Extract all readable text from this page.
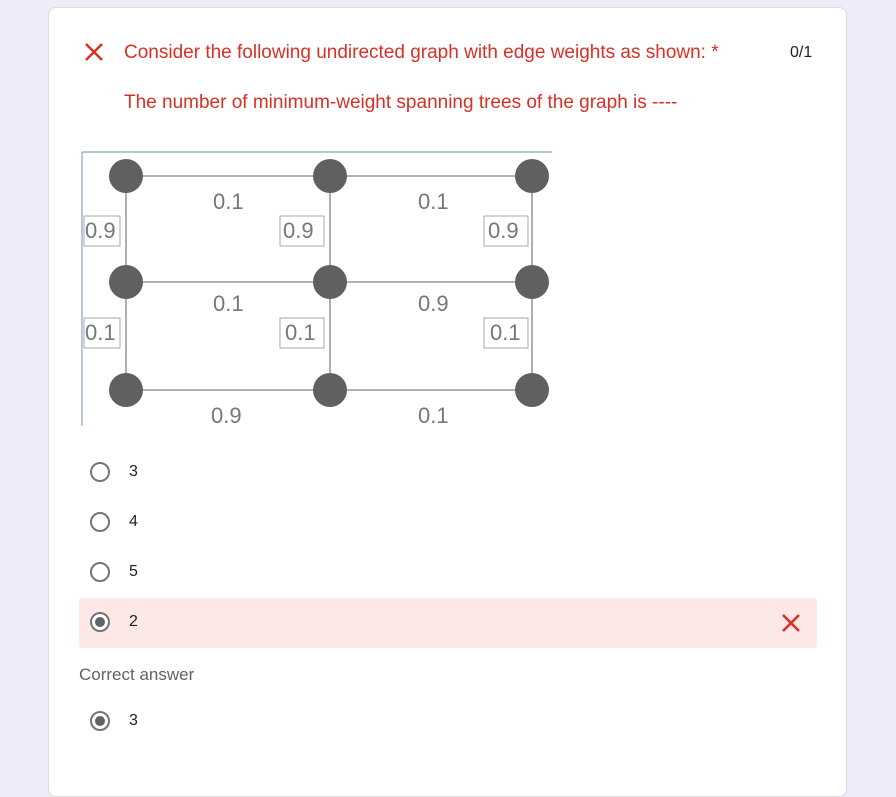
Consider the following undirected graph with edge weights as shown: *
The number of minimum-weight spanning trees of the graph is ----
0/1
0.1	0.1
0.9	0.9	0.9
0.1	0.9
0.1	0.1	0.1
0.9	0.1
3
4
5
2
Correct answer
3
